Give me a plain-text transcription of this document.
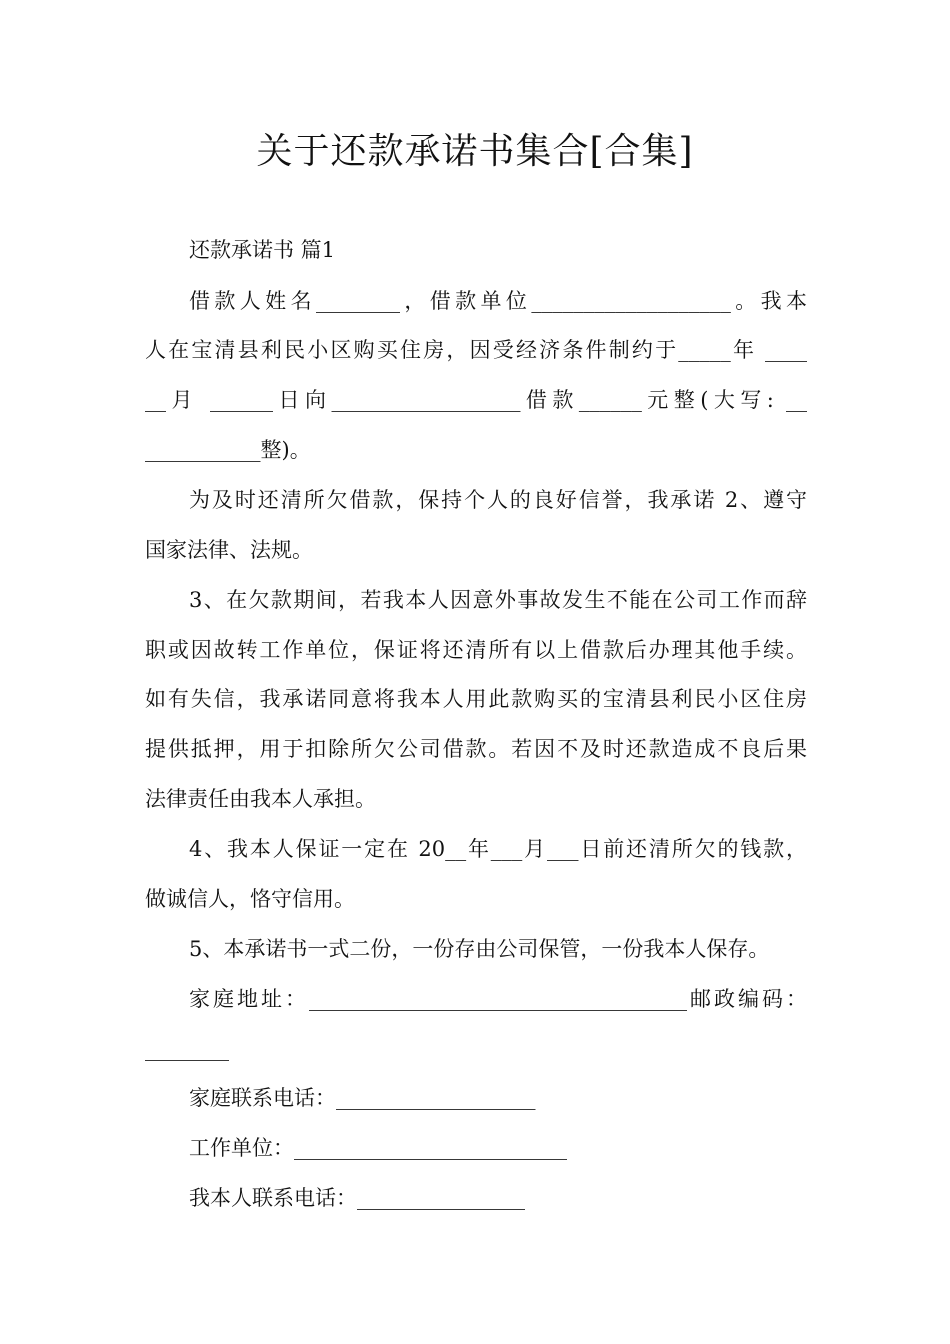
关于还款承诺书集合[合集]
还款承诺书 篇1
借款人姓名________，借款单位___________________。我本
人在宝清县利民小区购买住房，因受经济条件制约于_____年 ____
__月 ______日向__________________借款______元整(大写: __
___________整)。
为及时还清所欠借款，保持个人的良好信誉，我承诺 2、遵守
国家法律、法规。
3、在欠款期间，若我本人因意外事故发生不能在公司工作而辞
职或因故转工作单位，保证将还清所有以上借款后办理其他手续。
如有失信，我承诺同意将我本人用此款购买的宝清县利民小区住房
提供抵押，用于扣除所欠公司借款。若因不及时还款造成不良后果
法律责任由我本人承担。
4、我本人保证一定在 20__年___月___日前还清所欠的钱款，
做诚信人，恪守信用。
5、本承诺书一式二份，一份存由公司保管，一份我本人保存。
家庭地址：____________________________________邮政编码：
________
家庭联系电话：___________________
工作单位：__________________________
我本人联系电话：________________
